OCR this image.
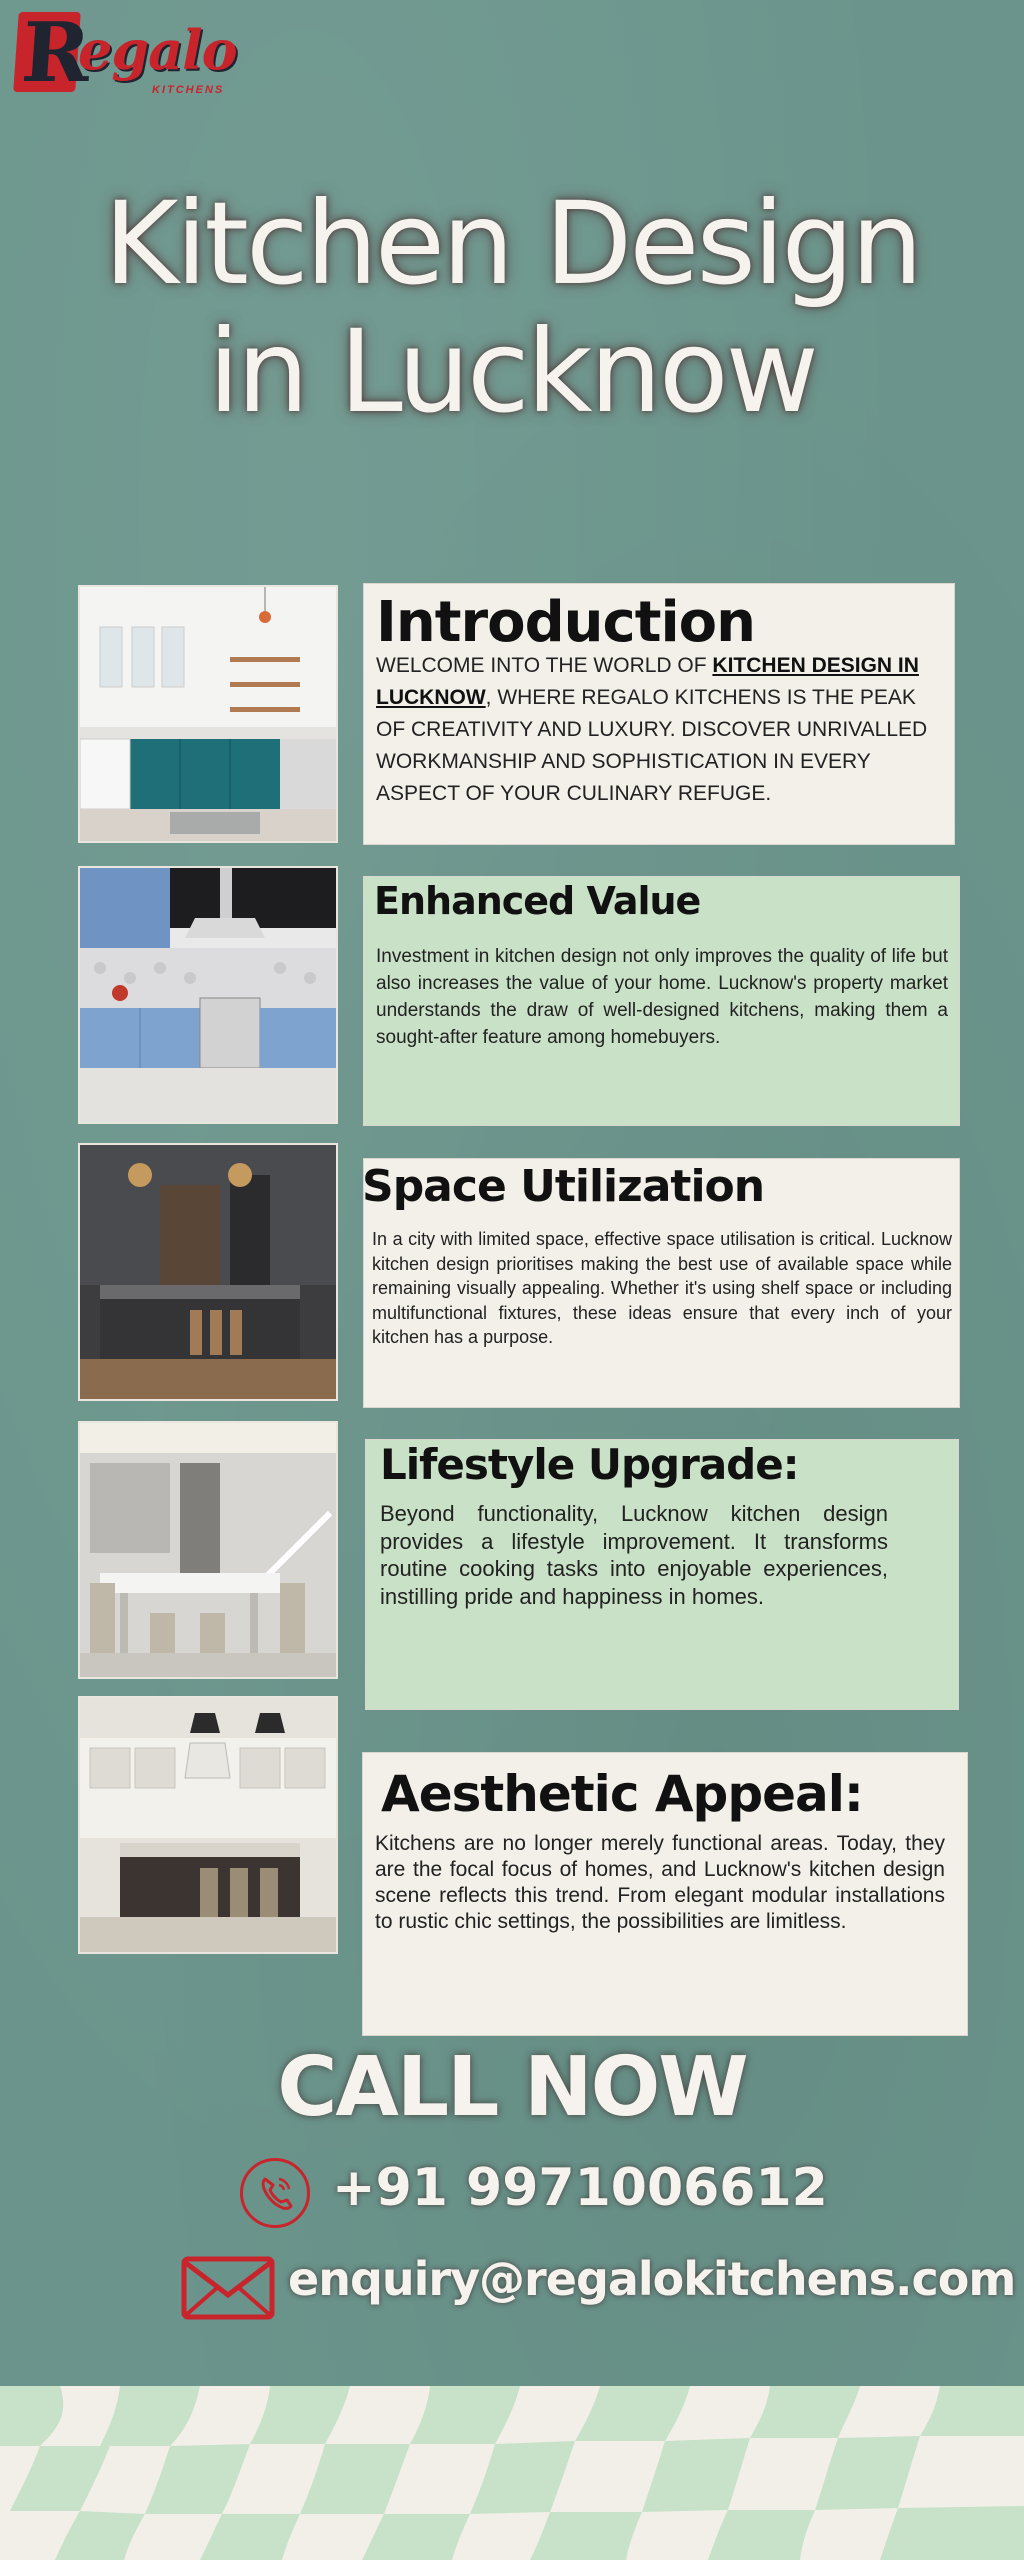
R
egalo
KITCHENS
Kitchen Design
in Lucknow
Introduction

WELCOME INTO THE WORLD OF KITCHEN DESIGN IN LUCKNOW, WHERE REGALO KITCHENS IS THE PEAK OF CREATIVITY AND LUXURY. DISCOVER UNRIVALLED WORKMANSHIP AND SOPHISTICATION IN EVERY ASPECT OF YOUR CULINARY REFUGE.

Enhanced Value

Investment in kitchen design not only improves the quality of life but also increases the value of your home. Lucknow's property market understands the draw of well-designed kitchens, making them a sought-after feature among homebuyers.

Space Utilization

In a city with limited space, effective space utilisation is critical. Lucknow kitchen design prioritises making the best use of available space while remaining visually appealing. Whether it's using shelf space or including multifunctional fixtures, these ideas ensure that every inch of your kitchen has a purpose.

Lifestyle Upgrade:

Beyond functionality, Lucknow kitchen design provides a lifestyle improvement. It transforms routine cooking tasks into enjoyable experiences, instilling pride and happiness in homes.

Aesthetic Appeal:

Kitchens are no longer merely functional areas. Today, they are the focal focus of homes, and Lucknow's kitchen design scene reflects this trend. From elegant modular installations to rustic chic settings, the possibilities are limitless.

CALL NOW
+91 9971006612
enquiry@regalokitchens.com
